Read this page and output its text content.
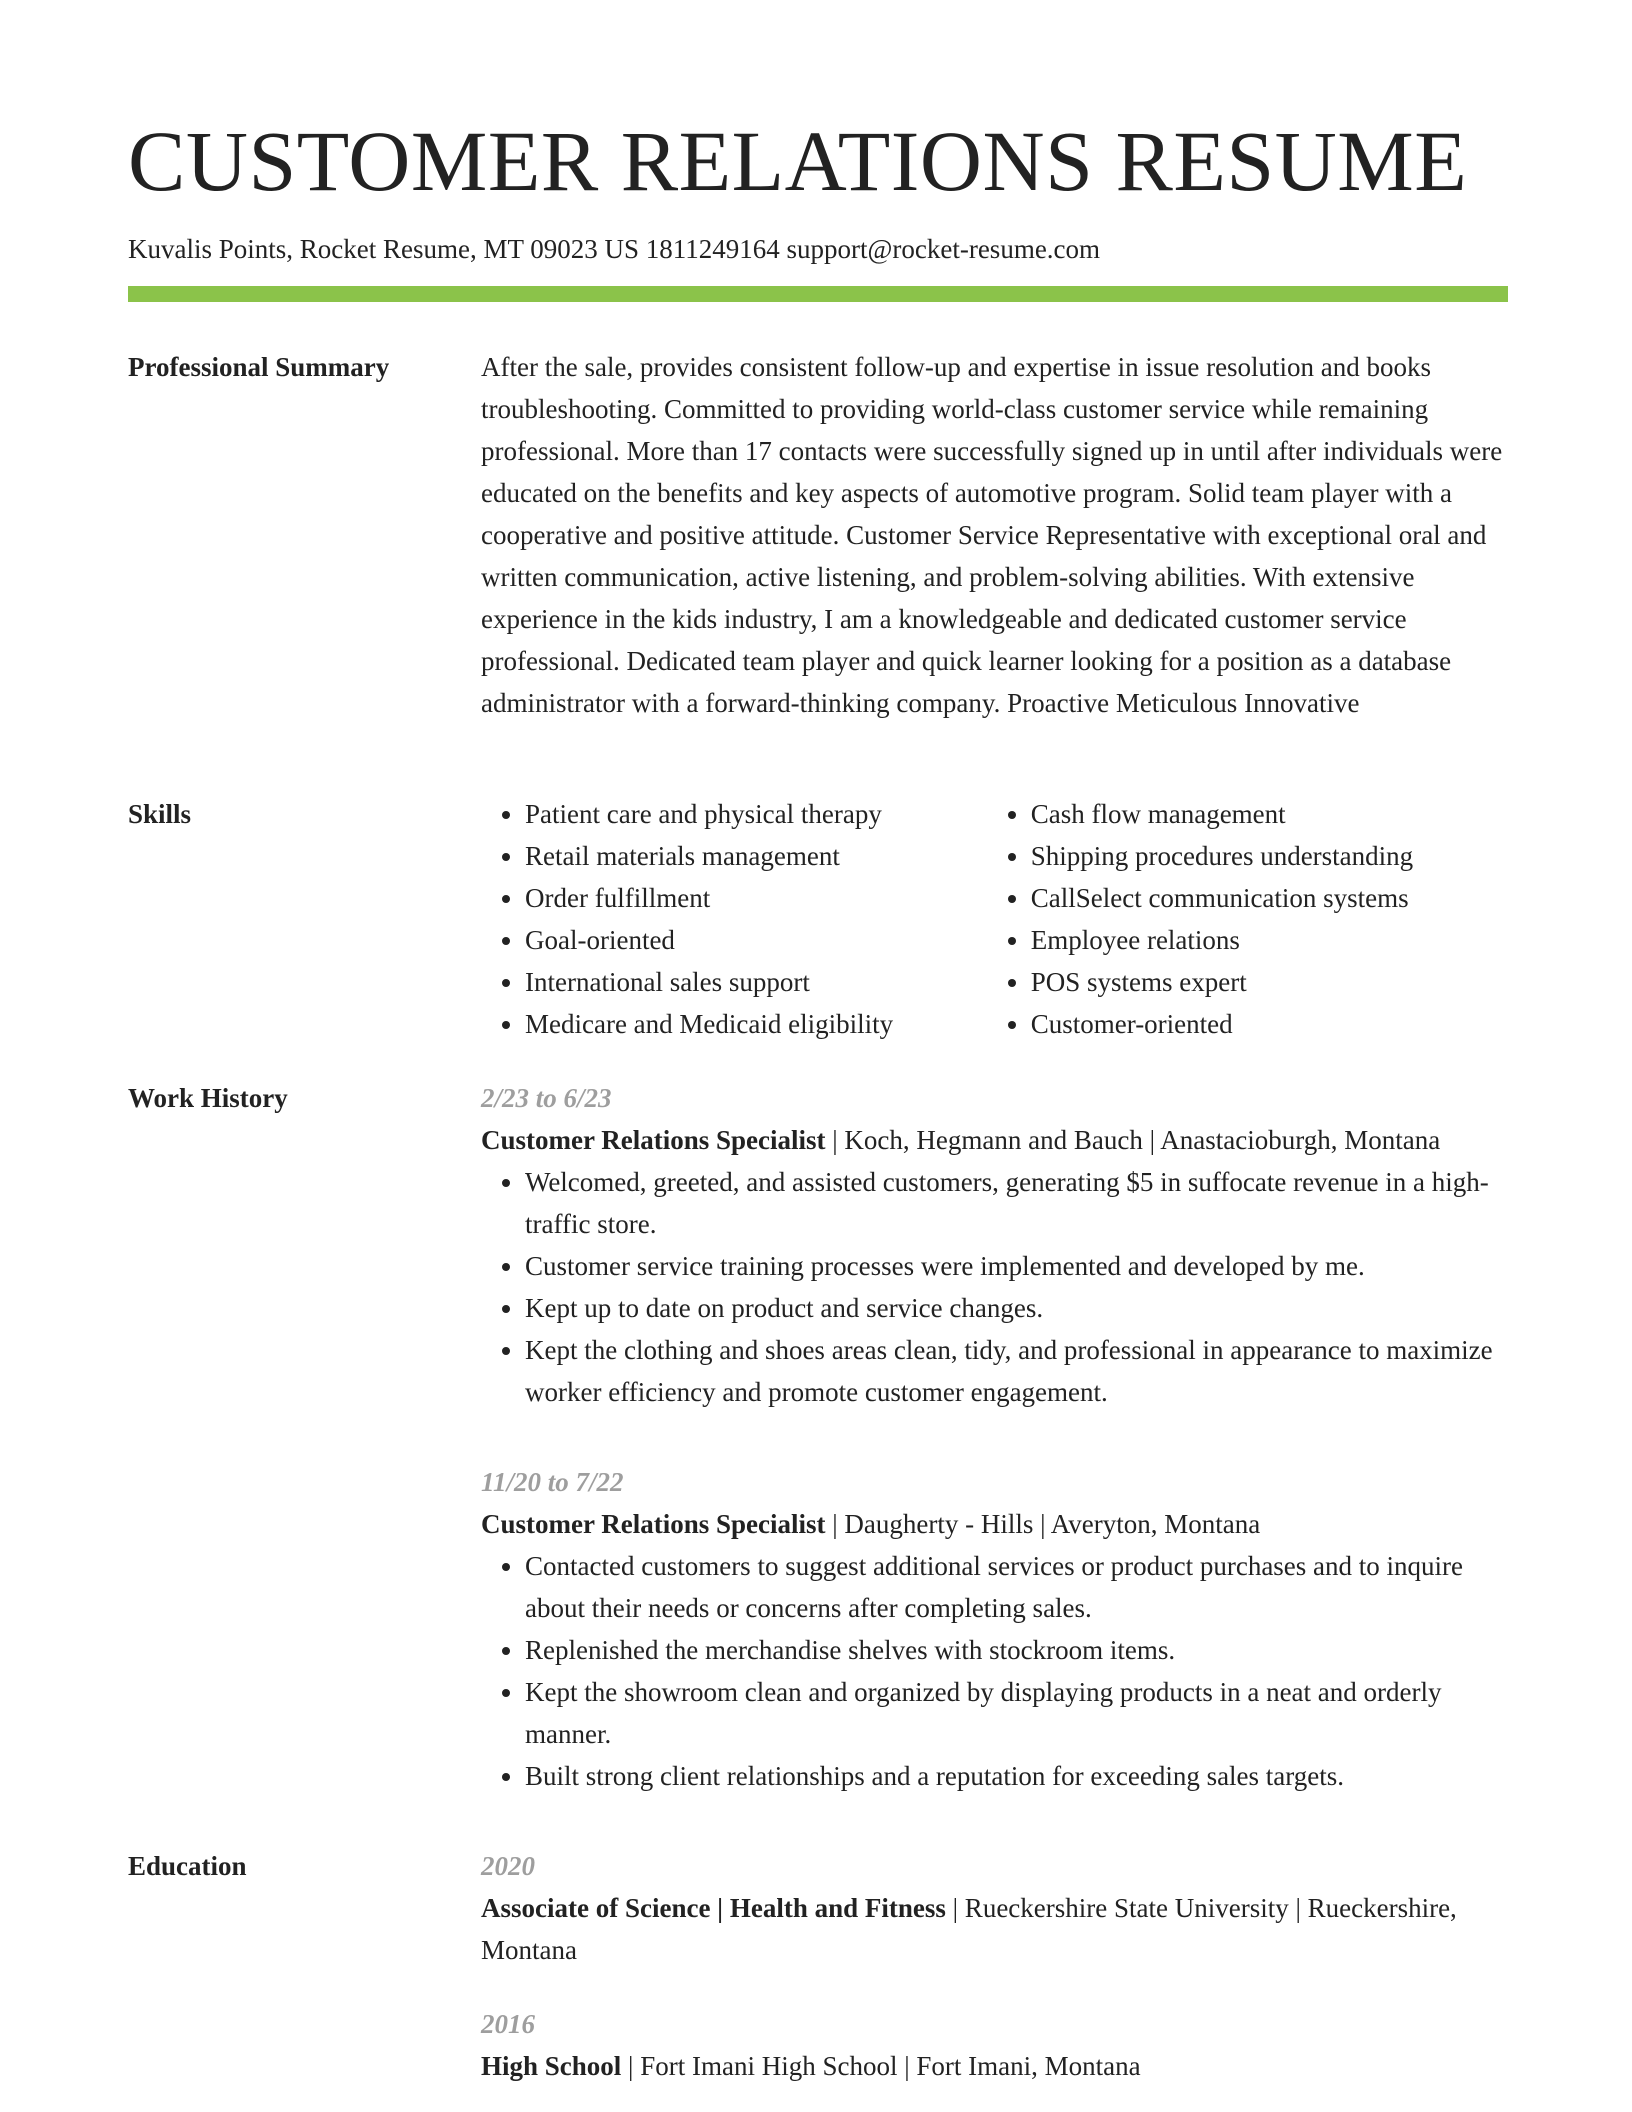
CUSTOMER RELATIONS RESUME
Kuvalis Points, Rocket Resume, MT 09023 US 1811249164 support@rocket-resume.com
Professional Summary	After the sale, provides consistent follow-up and expertise in issue resolution and books troubleshooting. Committed to providing world-class customer service while remaining professional. More than 17 contacts were successfully signed up in until after individuals were educated on the benefits and key aspects of automotive program. Solid team player with a cooperative and positive attitude. Customer Service Representative with exceptional oral and written communication, active listening, and problem-solving abilities. With extensive experience in the kids industry, I am a knowledgeable and dedicated customer service professional. Dedicated team player and quick learner looking for a position as a database administrator with a forward-thinking company. Proactive Meticulous Innovative

Skills
•	Patient care and physical therapy
• Retail materials management
• Order fulfillment
• Goal-oriented
• International sales support
• Medicare and Medicaid eligibility
• Cash flow management
• Shipping procedures understanding
• CallSelect communication systems
• Employee relations
• POS systems expert
• Customer-oriented
Work History	2/23 to 6/23
Customer Relations Specialist | Koch, Hegmann and Bauch | Anastacioburgh, Montana
• Welcomed, greeted, and assisted customers, generating $5 in suffocate revenue in a high-traffic store.
• Customer service training processes were implemented and developed by me.
• Kept up to date on product and service changes.
• Kept the clothing and shoes areas clean, tidy, and professional in appearance to maximize worker efficiency and promote customer engagement.
11/20 to 7/22
Customer Relations Specialist | Daugherty - Hills | Averyton, Montana
• Contacted customers to suggest additional services or product purchases and to inquire about their needs or concerns after completing sales.
• Replenished the merchandise shelves with stockroom items.
• Kept the showroom clean and organized by displaying products in a neat and orderly manner.
• Built strong client relationships and a reputation for exceeding sales targets.
Education	2020
Associate of Science | Health and Fitness | Rueckershire State University | Rueckershire, Montana
2016
High School | Fort Imani High School | Fort Imani, Montana
